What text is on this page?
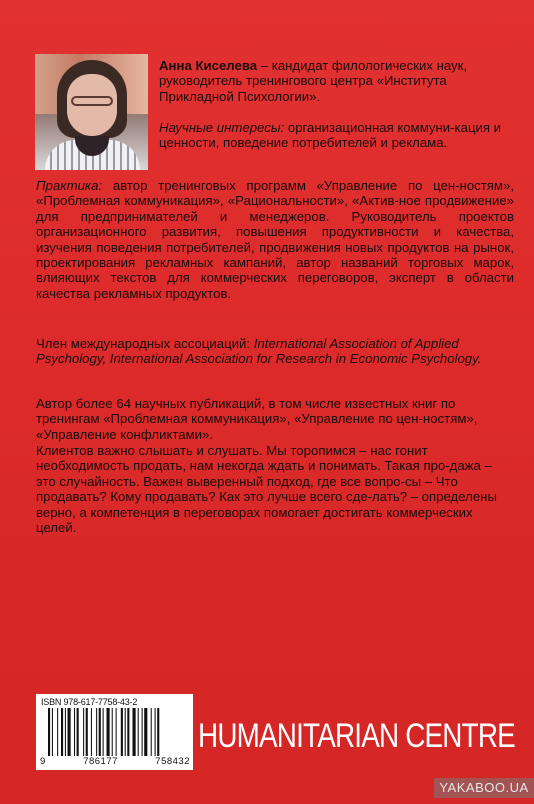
Анна Киселева – кандидат филологических наук, руководитель тренингового центра «Института Прикладной Психологии».
Научные интересы: организационная коммуни-кация и ценности, поведение потребителей и реклама.
Практика: автор тренинговых программ «Управление по цен-ностям», «Проблемная коммуникация», «Рациональности», «Актив-ное продвижение» для предпринимателей и менеджеров. Руководитель проектов организационного развития, повышения продуктивности и качества, изучения поведения потребителей, продвижения новых продуктов на рынок, проектирования рекламных кампаний, автор названий торговых марок, влияющих текстов для коммерческих переговоров, эксперт в области качества рекламных продуктов.
Член международных ассоциаций: International Association of Applied Psychology, International Association for Research in Economic Psychology.
Автор более 64 научных публикаций, в том числе известных книг по тренингам «Проблемная коммуникация», «Управление по цен-ностям», «Управление конфликтами».
Клиентов важно слышать и слушать. Мы торопимся – нас гонит необходимость продать, нам некогда ждать и понимать. Такая про-дажа – это случайность. Важен выверенный подход, где все вопро-сы – Что продавать? Кому продавать? Как это лучше всего сде-лать? – определены верно, а компетенция в переговорах помогает достигать коммерческих целей.
ISBN 978-617-7758-43-2
9	786177	758432
HUMANITARIAN CENTRE
YAKABOO.UA
